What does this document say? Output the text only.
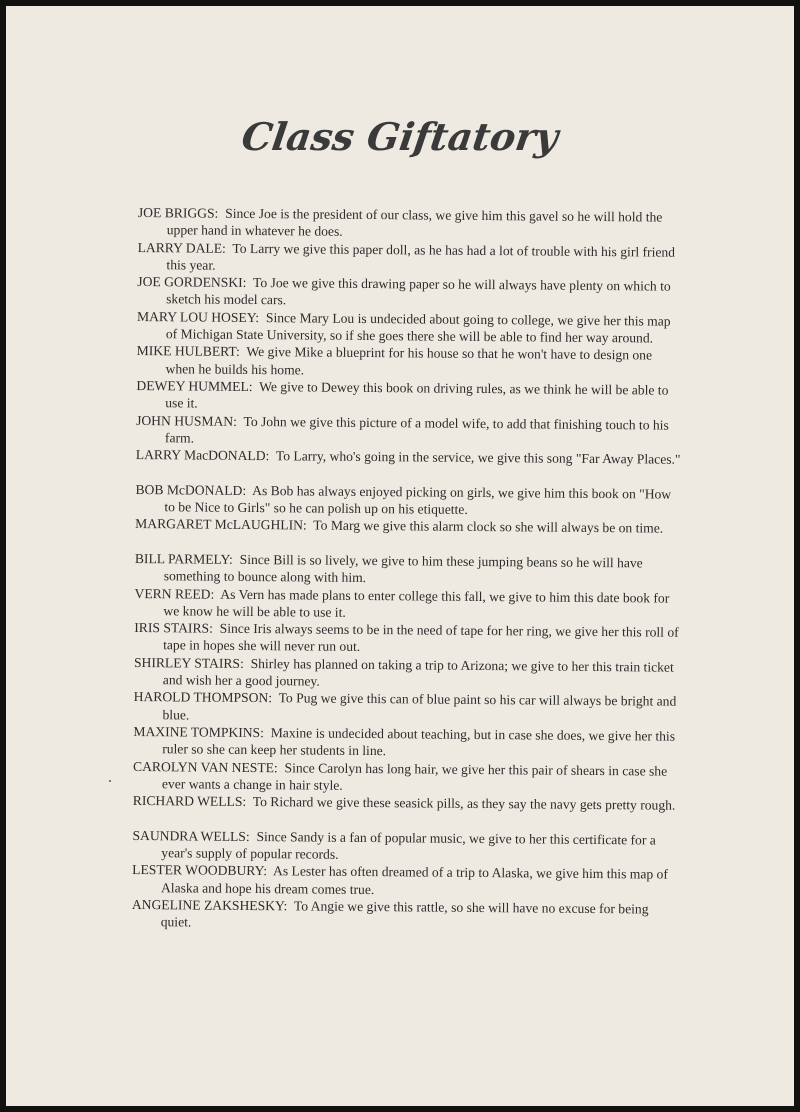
Class Giftatory

JOE BRIGGS: Since Joe is the president of our class, we give him this gavel so he will hold the upper hand in whatever he does.

LARRY DALE: To Larry we give this paper doll, as he has had a lot of trouble with his girl friend this year.

JOE GORDENSKI: To Joe we give this drawing paper so he will always have plenty on which to sketch his model cars.

MARY LOU HOSEY: Since Mary Lou is undecided about going to college, we give her this map of Michigan State University, so if she goes there she will be able to find her way around.

MIKE HULBERT: We give Mike a blueprint for his house so that he won't have to design one when he builds his home.

DEWEY HUMMEL: We give to Dewey this book on driving rules, as we think he will be able to use it.

JOHN HUSMAN: To John we give this picture of a model wife, to add that finishing touch to his farm.

LARRY MacDONALD: To Larry, who's going in the service, we give this song "Far Away Places."

BOB McDONALD: As Bob has always enjoyed picking on girls, we give him this book on "How to be Nice to Girls" so he can polish up on his etiquette.

MARGARET McLAUGHLIN: To Marg we give this alarm clock so she will always be on time.

BILL PARMELY: Since Bill is so lively, we give to him these jumping beans so he will have something to bounce along with him.

VERN REED: As Vern has made plans to enter college this fall, we give to him this date book for we know he will be able to use it.

IRIS STAIRS: Since Iris always seems to be in the need of tape for her ring, we give her this roll of tape in hopes she will never run out.

SHIRLEY STAIRS: Shirley has planned on taking a trip to Arizona; we give to her this train ticket and wish her a good journey.

HAROLD THOMPSON: To Pug we give this can of blue paint so his car will always be bright and blue.

MAXINE TOMPKINS: Maxine is undecided about teaching, but in case she does, we give her this ruler so she can keep her students in line.

CAROLYN VAN NESTE: Since Carolyn has long hair, we give her this pair of shears in case she ever wants a change in hair style.

RICHARD WELLS: To Richard we give these seasick pills, as they say the navy gets pretty rough.

SAUNDRA WELLS: Since Sandy is a fan of popular music, we give to her this certificate for a year's supply of popular records.

LESTER WOODBURY: As Lester has often dreamed of a trip to Alaska, we give him this map of Alaska and hope his dream comes true.

ANGELINE ZAKSHESKY: To Angie we give this rattle, so she will have no excuse for being quiet.
